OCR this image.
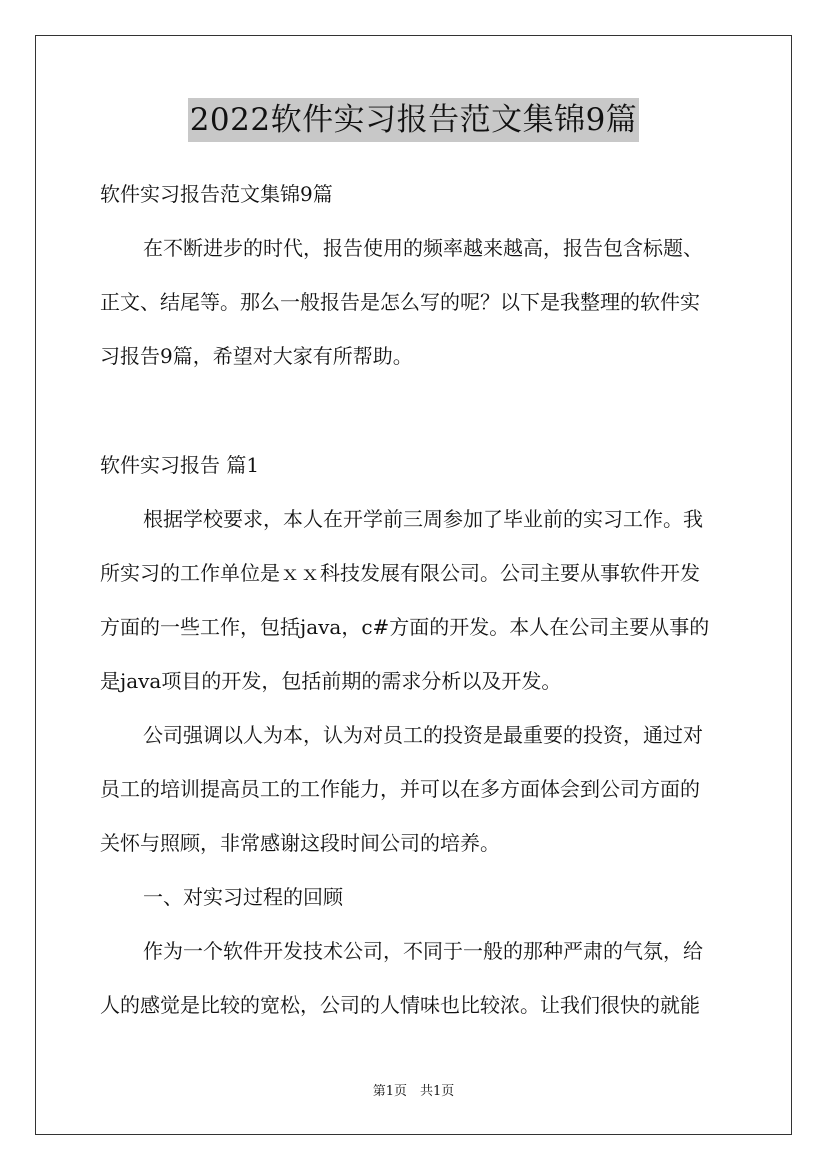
2022软件实习报告范文集锦9篇
软件实习报告范文集锦9篇
在不断进步的时代，报告使用的频率越来越高，报告包含标题、
正文、结尾等。那么一般报告是怎么写的呢？以下是我整理的软件实
习报告9篇，希望对大家有所帮助。
软件实习报告 篇1
根据学校要求，本人在开学前三周参加了毕业前的实习工作。我
所实习的工作单位是ｘｘ科技发展有限公司。公司主要从事软件开发
方面的一些工作，包括java，c#方面的开发。本人在公司主要从事的
是java项目的开发，包括前期的需求分析以及开发。
公司强调以人为本，认为对员工的投资是最重要的投资，通过对
员工的培训提高员工的工作能力，并可以在多方面体会到公司方面的
关怀与照顾，非常感谢这段时间公司的培养。
一、对实习过程的回顾
作为一个软件开发技术公司，不同于一般的那种严肃的气氛，给
人的感觉是比较的宽松，公司的人情味也比较浓。让我们很快的就能
第1页　共1页
